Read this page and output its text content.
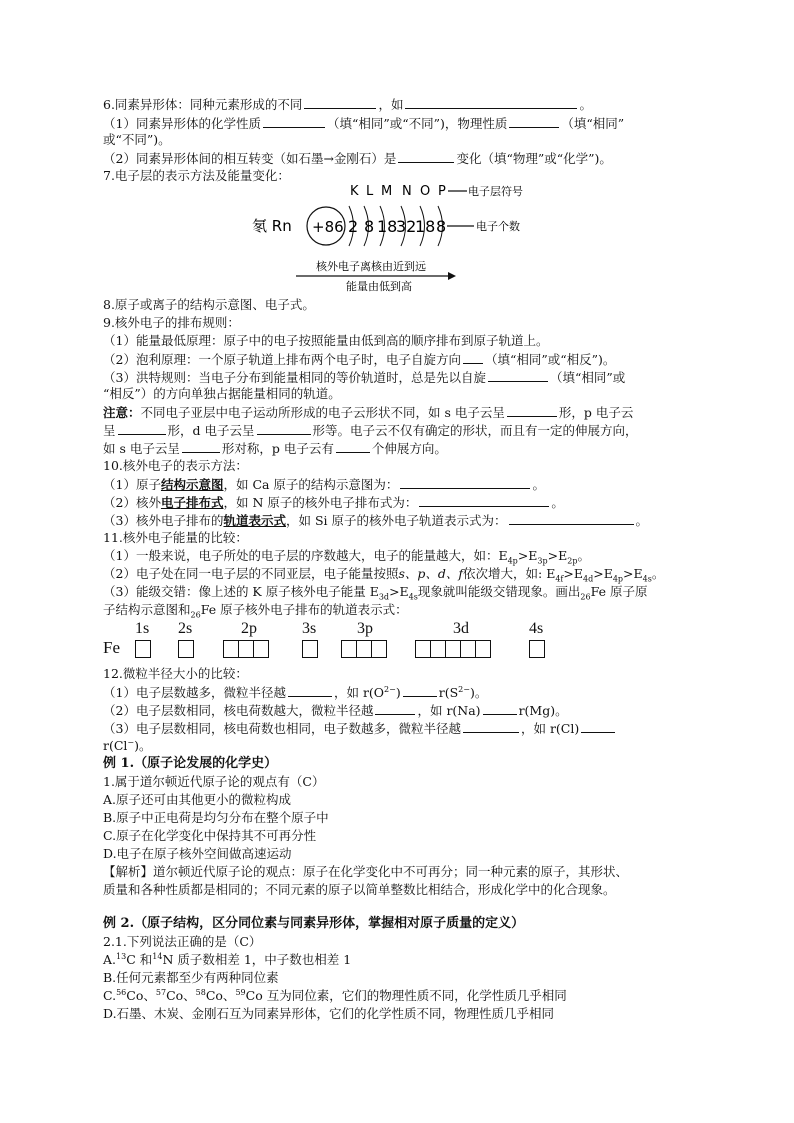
6.同素异形体：同种元素形成的不同	，如	。
（1）同素异形体的化学性质	（填“相同”或“不同”)，物理性质	（填“相同”
或“不同”)。
（2）同素异形体间的相互转变（如石墨→金刚石）是	变化（填“物理”或“化学”)。
7.电子层的表示方法及能量变化：
K L M N O P 电子层符号
氡 Rn +86 2 8 18
32
18 8	电子个数
核外电子离核由近到远
能量由低到高
8.原子或离子的结构示意图、电子式。
9.核外电子的排布规则：
（1）能量最低原理：原子中的电子按照能量由低到高的顺序排布到原子轨道上。
（2）泡利原理：一个原子轨道上排布两个电子时，电子自旋方向 （填“相同”或“相反”)。
（3）洪特规则：当电子分布到能量相同的等价轨道时，总是先以自旋	（填“相同”或
“相反”）的方向单独占据能量相同的轨道。
注意：不同电子亚层中电子运动所形成的电子云形状不同，如 s 电子云呈	形，p 电子云
呈	形，d 电子云呈	形等。电子云不仅有确定的形状，而且有一定的伸展方向，
如 s 电子云呈	形对称，p 电子云有	个伸展方向。
10.核外电子的表示方法：
（1）原子结构示意图，如 Ca 原子的结构示意图为：	。
（2）核外电子排布式，如 N 原子的核外电子排布式为：	。
（3）核外电子排布的轨道表示式，如 Si 原子的核外电子轨道表示式为：	。
11.核外电子能量的比较：
（1）一般来说，电子所处的电子层的序数越大，电子的能量越大，如：$E_{4p}>E_{3p}>E_{2p}$。
（2）电子处在同一电子层的不同亚层，电子能量按照s、p、d、f依次增大，如: $E_{4f}>E_{4d}>E_{4p}>E_{4s}$。
（3）能级交错：像上述的 K 原子核外电子能量 $E_{3d}>E_{4s}$现象就叫能级交错现象。画出$_{26}$Fe 原子原
子结构示意图和$_{26}$Fe 原子核外电子排布的轨道表示式：
Fe
1s 2s	2p	3s	3p	3d	4s
12.微粒半径大小的比较：
（1）电子层数越多，微粒半径越	，如 $r(O^{2-})$	$r(S^{2-})$。
（2）电子层数相同，核电荷数越大，微粒半径越	，如 r(Na)	r(Mg)。
（3）电子层数相同，核电荷数也相同，电子数越多，微粒半径越	，如 r(Cl)
r(Cl−)。
例 1.（原子论发展的化学史）
1.属于道尔顿近代原子论的观点有（C）
A.原子还可由其他更小的微粒构成
B.原子中正电荷是均匀分布在整个原子中
C.原子在化学变化中保持其不可再分性
D.电子在原子核外空间做高速运动
【解析】道尔顿近代原子论的观点：原子在化学变化中不可再分；同一种元素的原子，其形状、
质量和各种性质都是相同的；不同元素的原子以简单整数比相结合，形成化学中的化合现象。
例 2.（原子结构，区分同位素与同素异形体，掌握相对原子质量的定义）
2.1.下列说法正确的是（C）
A.$^{13}$C 和$^{14}$N 质子数相差 1，中子数也相差 1
B.任何元素都至少有两种同位素
C.$^{56}$Co、$^{57}$Co、$^{58}$Co、$^{59}$Co 互为同位素，它们的物理性质不同，化学性质几乎相同
D.石墨、木炭、金刚石互为同素异形体，它们的化学性质不同，物理性质几乎相同
